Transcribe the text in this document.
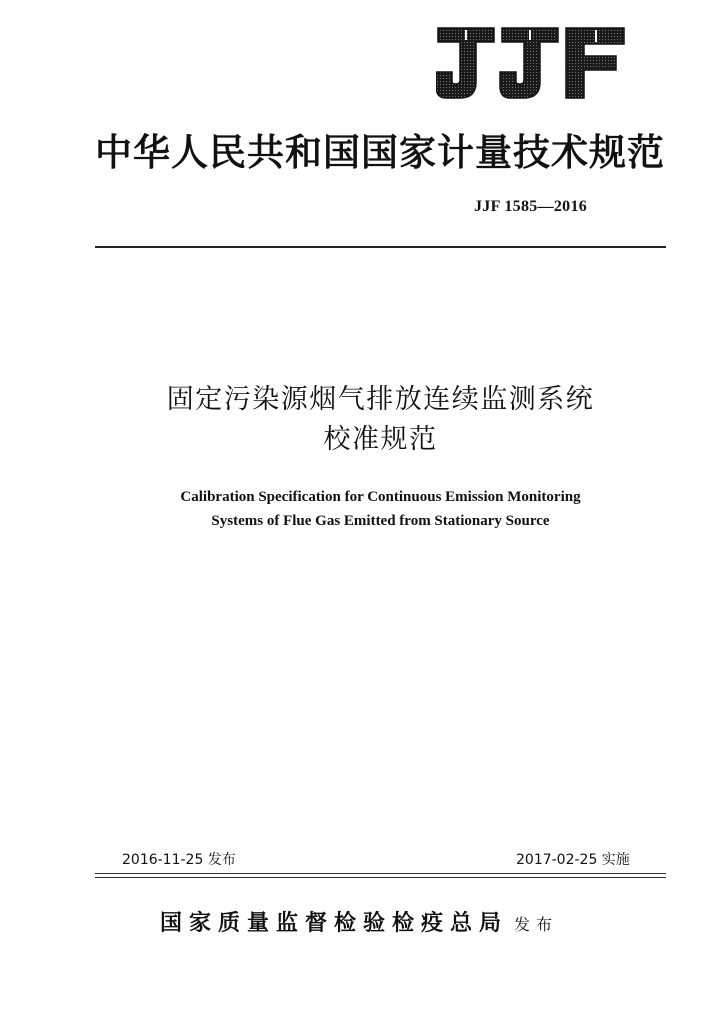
中华人民共和国国家计量技术规范
JJF 1585—2016
固定污染源烟气排放连续监测系统
校准规范
Calibration Specification for Continuous Emission Monitoring
Systems of Flue Gas Emitted from Stationary Source
2016-11-25 发布	2017-02-25 实施
国家质量监督检验检疫总局 发布
